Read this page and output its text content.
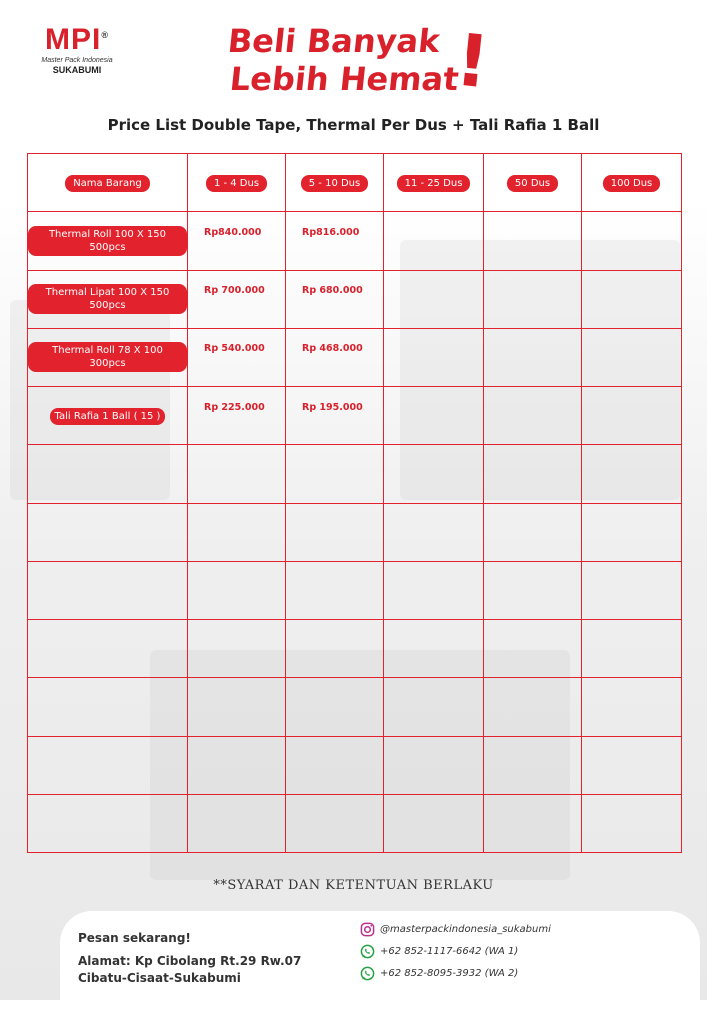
MPI®
Master Pack Indonesia
SUKABUMI
Beli Banyak
Lebih Hemat
!
Price List Double Tape, Thermal Per Dus + Tali Rafia 1 Ball
Nama Barang	1 - 4 Dus	5 - 10 Dus	11 - 25 Dus	50 Dus	100 Dus
Thermal Roll 100 X 150 500pcs	Rp840.000	Rp816.000			

Thermal Lipat 100 X 150 500pcs	Rp 700.000	Rp 680.000			

Thermal Roll 78 X 100 300pcs	Rp 540.000	Rp 468.000			

Tali Rafia 1 Ball ( 15 )	Rp 225.000	Rp 195.000			

**SYARAT DAN KETENTUAN BERLAKU
Pesan sekarang!
Alamat: Kp Cibolang Rt.29 Rw.07
Cibatu-Cisaat-Sukabumi
@masterpackindonesia_sukabumi
+62 852-1117-6642 (WA 1)
+62 852-8095-3932 (WA 2)
